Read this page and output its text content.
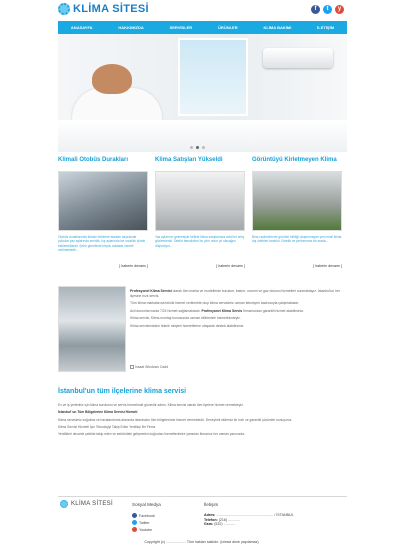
KLİMA SİTESİ	f	t	y
ANASAYFA	HAKKIMIZDA	SERVİSLER	ÜRÜNLER	KLİMA BAKIMI	İLETİŞİM
Klimali Otobüs Durakları
Otobüs duraklarında klimalı bekleme alanları sayesinde yolcular yaz aylarında serinlik, kış aylarında ise sıcaklık içinde beklemektedir. Şehir genelinde birçok noktada hizmet verilmektedir...
[ haberin devamı ]
Klima Satışları Yükseldi
Yaz aylarının gelmesiyle birlikte klima satışlarında ciddi bir artış gözlemlendi. Sektör temsilcileri bu yılın rekor yıl olacağını düşünüyor...
[ haberin devamı ]
Görüntüyü Kirletmeyen Klima
Bina cephelerinde görüntü kirliliği oluşturmayan yeni nesil klima dış üniteleri tanıtıldı. Estetik ve performans bir arada...
[ haberin devamı ]

Profesyonel Klima Servisi olarak tüm marka ve modellerde kurulum, bakım, onarım ve gaz dolumu hizmetleri sunmaktayız. İstanbul'un her ilçesine hızlı servis.

Tüm klima markalarına teknik hizmet verilmekte olup klima servisimiz uzman teknisyen kadrosuyla çalışmaktadır.

Acil durumlarınızda 7/24 hizmet sağlamaktadır. Profesyonel Klima Servis firmamızdan garantili hizmet alabilirsiniz.

Klima servisi, Klima montajı konusunda uzman ekibimizle hizmetinizdeyiz.

Klima servisimizden teknik müşteri hizmetlerine ulaşarak destek alabilirsiniz.

İnsaat Windows Cadd
İstanbul'un tüm ilçelerine klima servisi

Ev ve iş yerleriniz için klima kurulumu ve servis hizmetinde güvenilir adres. Klima servisi olarak tüm ilçelere hizmet vermekteyiz.

İstanbul' un Tüm Bölgelerine Klima Servisi Hizmeti

Klima servisimiz soğutma ve havalandırma alanında istanbulun tüm bölgelerinde hizmet vermektedir. Deneyimli ekibimiz ile hızlı ve garantili çözümler sunuyoruz.

Klima Servisi Hizmeti İçin Teknolojiyi Takip Eden Yenilikçi Bir Firma

Yenilikleri devamlı şekilde takip eden ve sektördeki gelişmeleri doğrudan hizmetlerimize yansıtan firmamız her zaman yanınızda.

KLİMA SİTESİ	Sosyal Medya
Facebook
Twitter
Youtube
İletişim
Adres: ......................................................... / İSTANBUL
Telefon: (216) ............
Gsm: (532) ............
Copyright (c) .................... Tüm hakları saklıdır. (izinsiz alıntı yapılamaz)
